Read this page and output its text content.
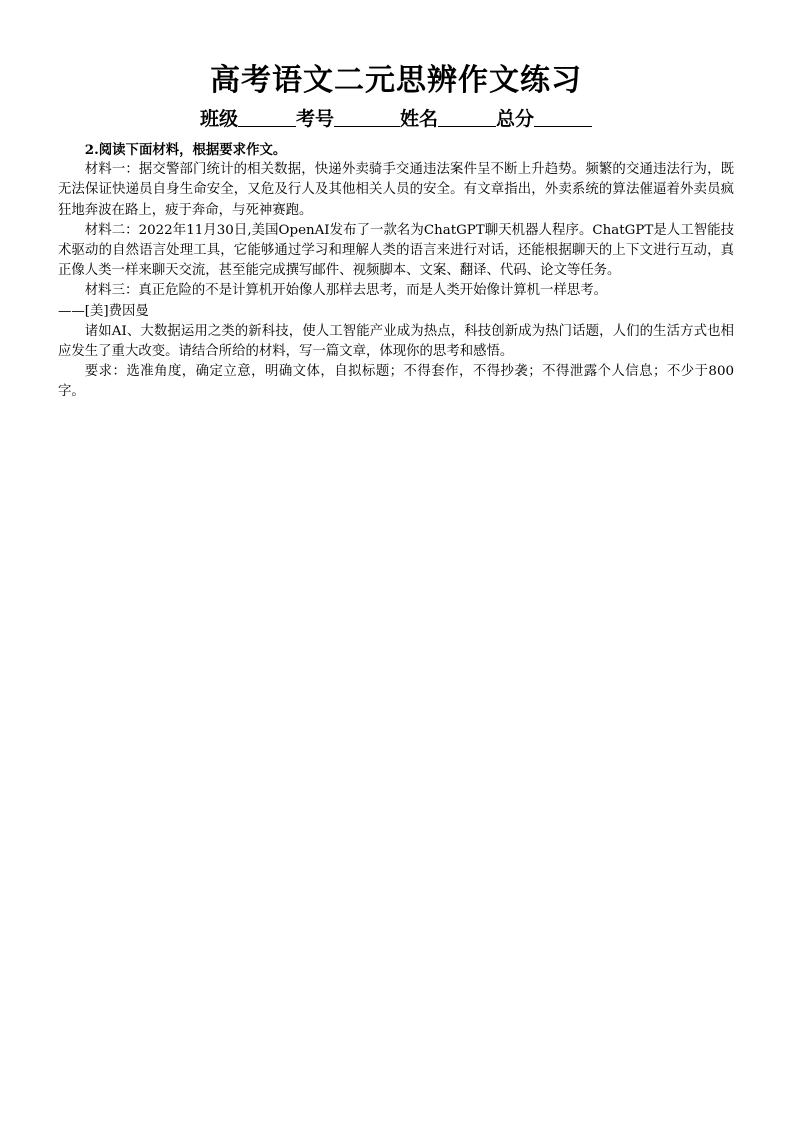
高考语文二元思辨作文练习
班级	考号	姓名	总分

2.阅读下面材料，根据要求作文。

材料一：据交警部门统计的相关数据，快递外卖骑手交通违法案件呈不断上升趋势。频繁的交通违法行为，既无法保证快递员自身生命安全，又危及行人及其他相关人员的安全。有文章指出，外卖系统的算法催逼着外卖员疯狂地奔波在路上，疲于奔命，与死神赛跑。

材料二：2022年11月30日,美国OpenAI发布了一款名为ChatGPT聊天机器人程序。ChatGPT是人工智能技术驱动的自然语言处理工具，它能够通过学习和理解人类的语言来进行对话，还能根据聊天的上下文进行互动，真正像人类一样来聊天交流，甚至能完成撰写邮件、视频脚本、文案、翻译、代码、论文等任务。

材料三：真正危险的不是计算机开始像人那样去思考，而是人类开始像计算机一样思考。

——[美]费因曼

诸如AI、大数据运用之类的新科技，使人工智能产业成为热点，科技创新成为热门话题，人们的生活方式也相应发生了重大改变。请结合所给的材料，写一篇文章，体现你的思考和感悟。

要求：选准角度，确定立意，明确文体，自拟标题；不得套作，不得抄袭；不得泄露个人信息；不少于800字。
